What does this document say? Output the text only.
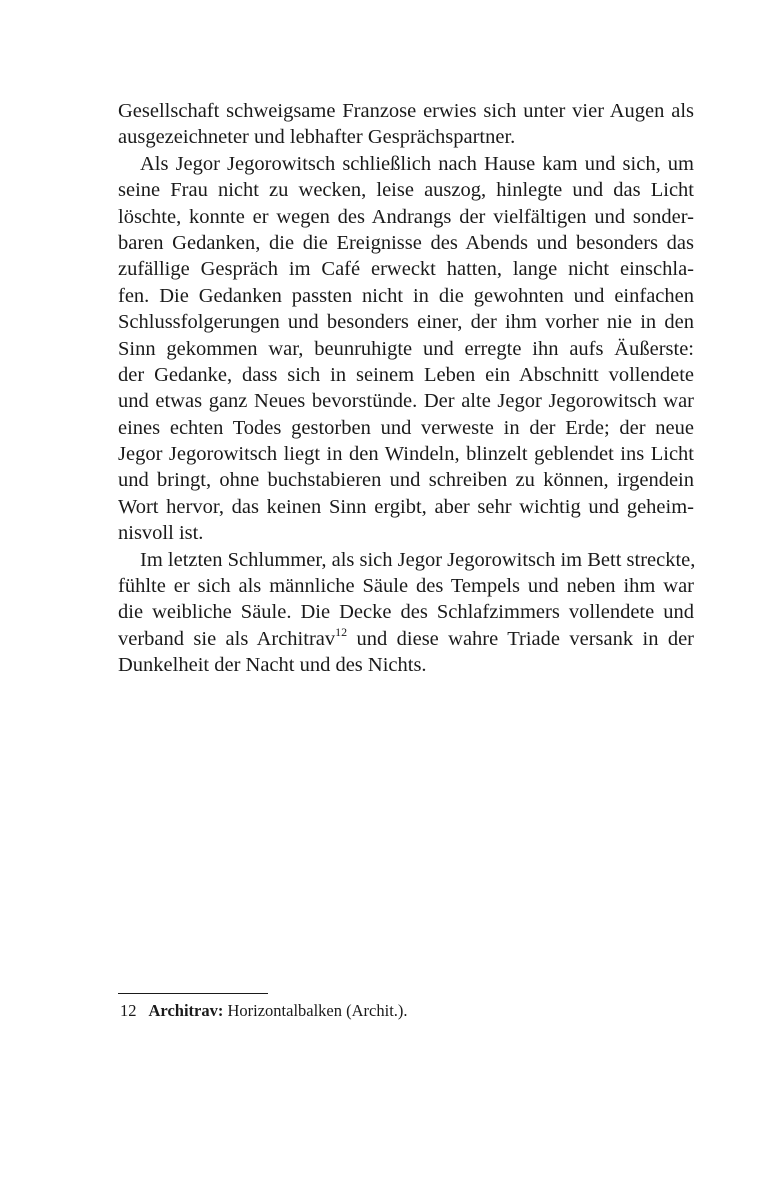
Gesellschaft schweigsame Franzose erwies sich unter vier Augen als
ausgezeichneter und lebhafter Gesprächspartner.
Als Jegor Jegorowitsch schließlich nach Hause kam und sich, um
seine Frau nicht zu wecken, leise auszog, hinlegte und das Licht
löschte, konnte er wegen des Andrangs der vielfältigen und sonder-
baren Gedanken, die die Ereignisse des Abends und besonders das
zufällige Gespräch im Café erweckt hatten, lange nicht einschla-
fen. Die Gedanken passten nicht in die gewohnten und einfachen
Schlussfolgerungen und besonders einer, der ihm vorher nie in den
Sinn gekommen war, beunruhigte und erregte ihn aufs Äußerste:
der Gedanke, dass sich in seinem Leben ein Abschnitt vollendete
und etwas ganz Neues bevorstünde. Der alte Jegor Jegorowitsch war
eines echten Todes gestorben und verweste in der Erde; der neue
Jegor Jegorowitsch liegt in den Windeln, blinzelt geblendet ins Licht
und bringt, ohne buchstabieren und schreiben zu können, irgendein
Wort hervor, das keinen Sinn ergibt, aber sehr wichtig und geheim-
nisvoll ist.
Im letzten Schlummer, als sich Jegor Jegorowitsch im Bett streckte,
fühlte er sich als männliche Säule des Tempels und neben ihm war
die weibliche Säule. Die Decke des Schlafzimmers vollendete und
verband sie als Architrav$^{12}$ und diese wahre Triade versank in der
Dunkelheit der Nacht und des Nichts.
12 Architrav: Horizontalbalken (Archit.).
